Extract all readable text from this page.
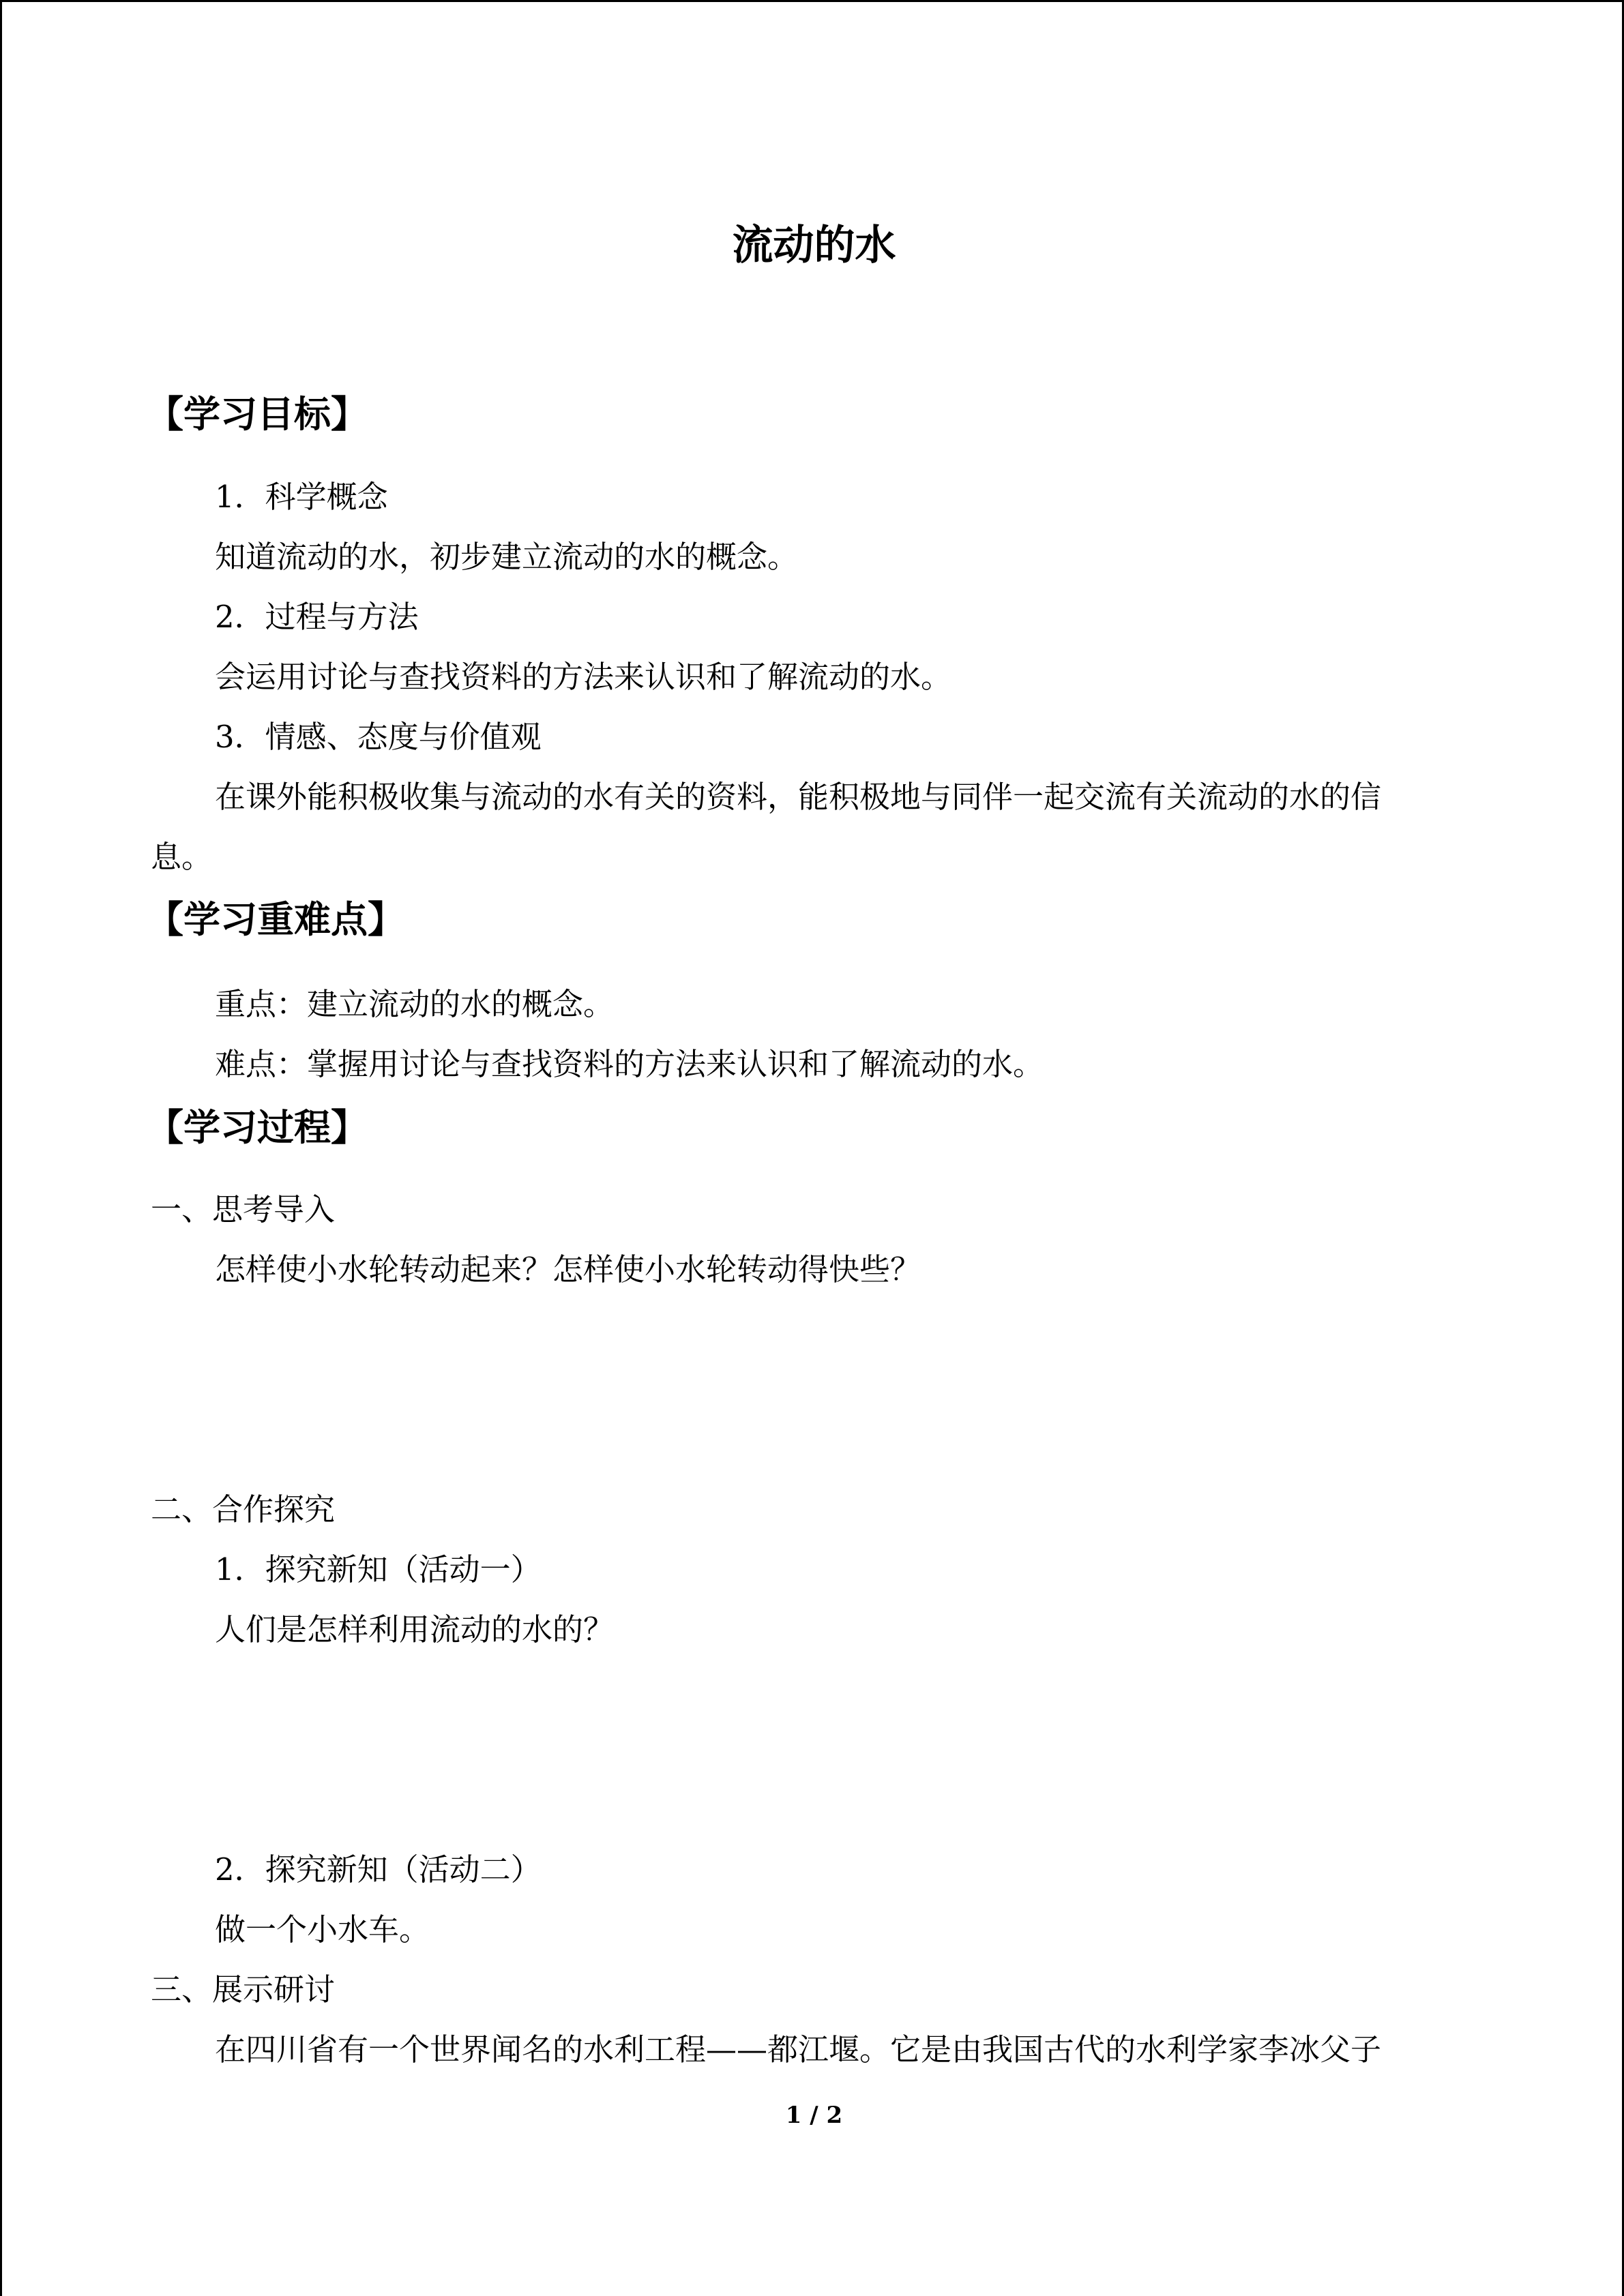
流动的水
【学习目标】
1．科学概念
知道流动的水，初步建立流动的水的概念。
2．过程与方法
会运用讨论与查找资料的方法来认识和了解流动的水。
3．情感、态度与价值观
在课外能积极收集与流动的水有关的资料，能积极地与同伴一起交流有关流动的水的信
息。
【学习重难点】
重点：建立流动的水的概念。
难点：掌握用讨论与查找资料的方法来认识和了解流动的水。
【学习过程】
一、思考导入
怎样使小水轮转动起来？怎样使小水轮转动得快些？
二、合作探究
1．探究新知（活动一）
人们是怎样利用流动的水的？
2．探究新知（活动二）
做一个小水车。
三、展示研讨
在四川省有一个世界闻名的水利工程——都江堰。它是由我国古代的水利学家李冰父子
1 / 2
